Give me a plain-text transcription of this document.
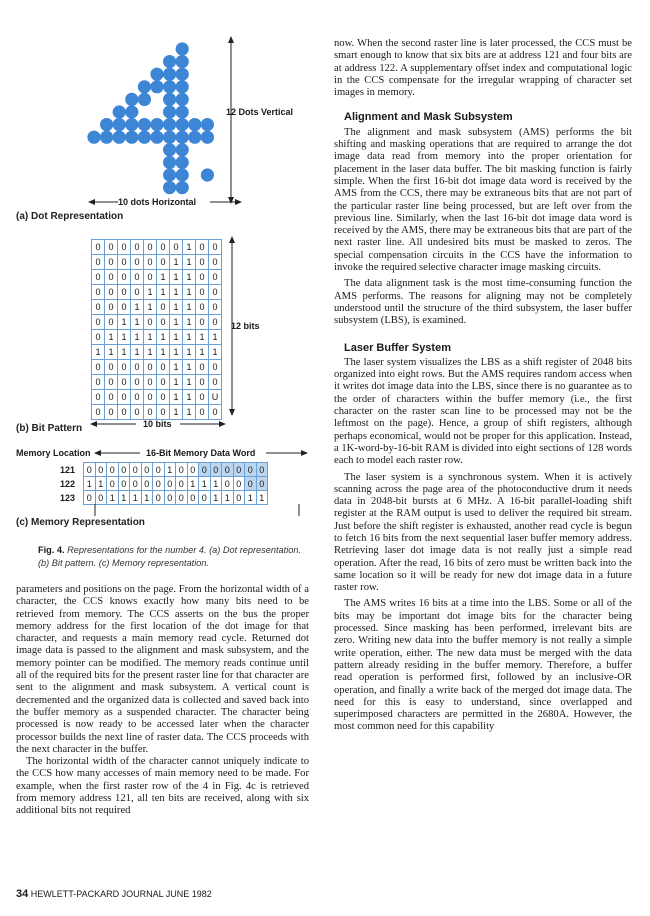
12 Dots Vertical
10 dots Horizontal
(a) Dot Representation
0	0	0	0	0	0	0	1	0	0
0	0	0	0	0	0	1	1	0	0
0	0	0	0	0	1	1	1	0	0
0	0	0	0	1	1	1	1	0	0
0	0	0	1	1	0	1	1	0	0
0	0	1	1	0	0	1	1	0	0
0	1	1	1	1	1	1	1	1	1
1	1	1	1	1	1	1	1	1	1
0	0	0	0	0	0	1	1	0	0
0	0	0	0	0	0	1	1	0	0
0	0	0	0	0	0	1	1	0	U
0	0	0	0	0	0	1	1	0	0
12 bits
10 bits
(b) Bit Pattern
Memory Location	16-Bit Memory Data Word
121	0	0	0	0	0	0	0	1	0	0	0	0	0	0	0	0
122	1	1	0	0	0	0	0	0	0	1	1	1	0	0	0	0
123	0	0	1	1	1	1	0	0	0	0	0	1	1	0	1	1
(c) Memory Representation
Fig. 4. Representations for the number 4. (a) Dot representation. (b) Bit pattern. (c) Memory representation.

parameters and positions on the page. From the horizontal width of a character, the CCS knows exactly how many bits need to be retrieved from memory. The CCS asserts on the bus the proper memory address for the first location of the dot image for that character, and requests a main memory read cycle. Returned dot image data is passed to the alignment and mask subsystem, and the memory pointer can be modified. The memory reads continue until all of the required bits for the present raster line for that character are sent to the alignment and mask subsystem. A vertical count is decremented and the organized data is collected and saved back into the buffer memory as a suspended character. The character being processed is now ready to be accessed later when the character processor builds the next line of raster data. The CCS proceeds with the next character in the buffer.

The horizontal width of the character cannot uniquely indicate to the CCS how many accesses of main memory need to be made. For example, when the first raster row of the 4 in Fig. 4c is retrieved from memory address 121, all ten bits are received, along with six additional bits not required

now. When the second raster line is later processed, the CCS must be smart enough to know that six bits are at address 121 and four bits are at address 122. A supplementary offset index and computational logic in the CCS compensate for the irregular wrapping of character set images in memory.

Alignment and Mask Subsystem

The alignment and mask subsystem (AMS) performs the bit shifting and masking operations that are required to arrange the dot image data read from memory into the proper orientation for placement in the laser data buffer. The bit masking function is fairly simple. When the first 16-bit dot image data word is received by the AMS from the CCS, there may be extraneous bits that are not part of the particular raster line being processed, but are left over from the previous line. Similarly, when the last 16-bit dot image data word is received by the AMS, there may be extraneous bits that are part of the next raster line. All undesired bits must be masked to zeros. The special compensation circuits in the CCS have the information to invoke the required selective character image masking circuits.

The data alignment task is the most time-consuming function the AMS performs. The reasons for aligning may not be completely understood until the structure of the third subsystem, the laser buffer subsystem (LBS), is examined.

Laser Buffer System

The laser system visualizes the LBS as a shift register of 2048 bits organized into eight rows. But the AMS requires random access when it writes dot image data into the LBS, since there is no guarantee as to the order of characters within the buffer memory (i.e., the first character on the raster scan line to be processed may not be the leftmost on the page). Hence, a group of shift registers, although perhaps economical, would not be proper for this application. Instead, a 1K-word-by-16-bit RAM is divided into eight sections of 128 words each to model each raster row.

The laser system is a synchronous system. When it is actively scanning across the page area of the photoconductive drum it needs data in 2048-bit bursts at 6 MHz. A 16-bit parallel-loading shift register at the RAM output is used to deliver the required bit stream. Just before the shift register is exhausted, another read cycle is begun to fetch 16 bits from the next sequential laser buffer memory address. Retrieving laser dot image data is not really just a simple read operation. After the read, 16 bits of zero must be written back into the same location so it will be ready for new dot image data in a future raster row.

The AMS writes 16 bits at a time into the LBS. Some or all of the bits may be important dot image bits for the character being processed. Since masking has been performed, irrelevant bits are zero. Writing new data into the buffer memory is not really a simple write operation, either. The new data must be merged with the data pattern already residing in the buffer memory. Therefore, a buffer read operation is performed first, followed by an inclusive-OR operation, and finally a write back of the merged dot image data. The need for this is easy to understand, since overlapped and superimposed characters are permitted in the 2680A. However, the most common need for this capability

34 HEWLETT-PACKARD JOURNAL JUNE 1982
